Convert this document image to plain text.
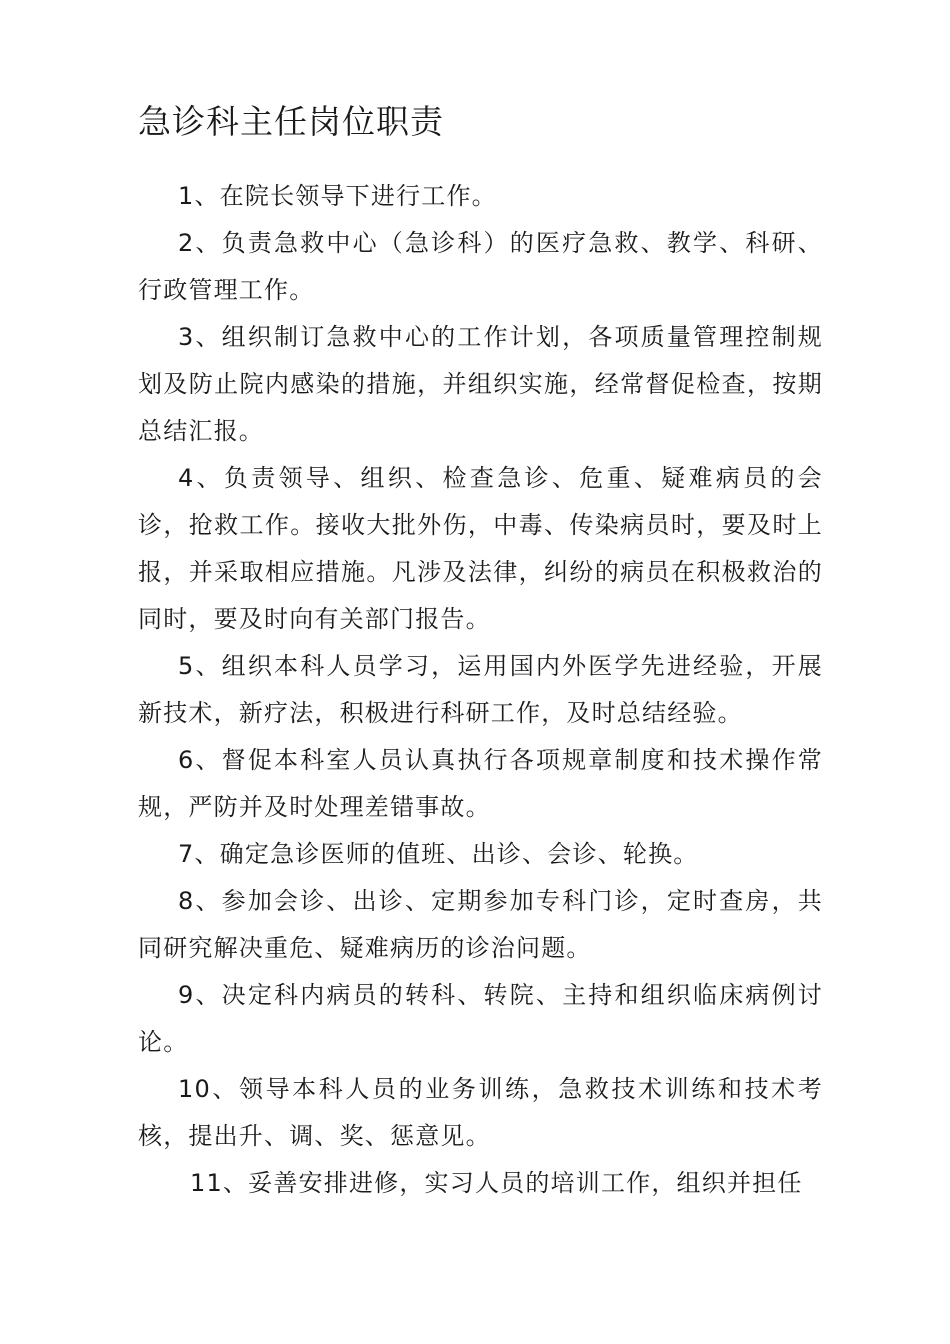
急诊科主任岗位职责

1、在院长领导下进行工作。

2、负责急救中心（急诊科）的医疗急救、教学、科研、行政管理工作。

3、组织制订急救中心的工作计划，各项质量管理控制规划及防止院内感染的措施，并组织实施，经常督促检查，按期总结汇报。

4、负责领导、组织、检查急诊、危重、疑难病员的会诊，抢救工作。接收大批外伤，中毒、传染病员时，要及时上报，并采取相应措施。凡涉及法律，纠纷的病员在积极救治的同时，要及时向有关部门报告。

5、组织本科人员学习，运用国内外医学先进经验，开展新技术，新疗法，积极进行科研工作，及时总结经验。

6、督促本科室人员认真执行各项规章制度和技术操作常规，严防并及时处理差错事故。

7、确定急诊医师的值班、出诊、会诊、轮换。

8、参加会诊、出诊、定期参加专科门诊，定时查房，共同研究解决重危、疑难病历的诊治问题。

9、决定科内病员的转科、转院、主持和组织临床病例讨论。

10、领导本科人员的业务训练，急救技术训练和技术考核，提出升、调、奖、惩意见。

11、妥善安排进修，实习人员的培训工作，组织并担任
